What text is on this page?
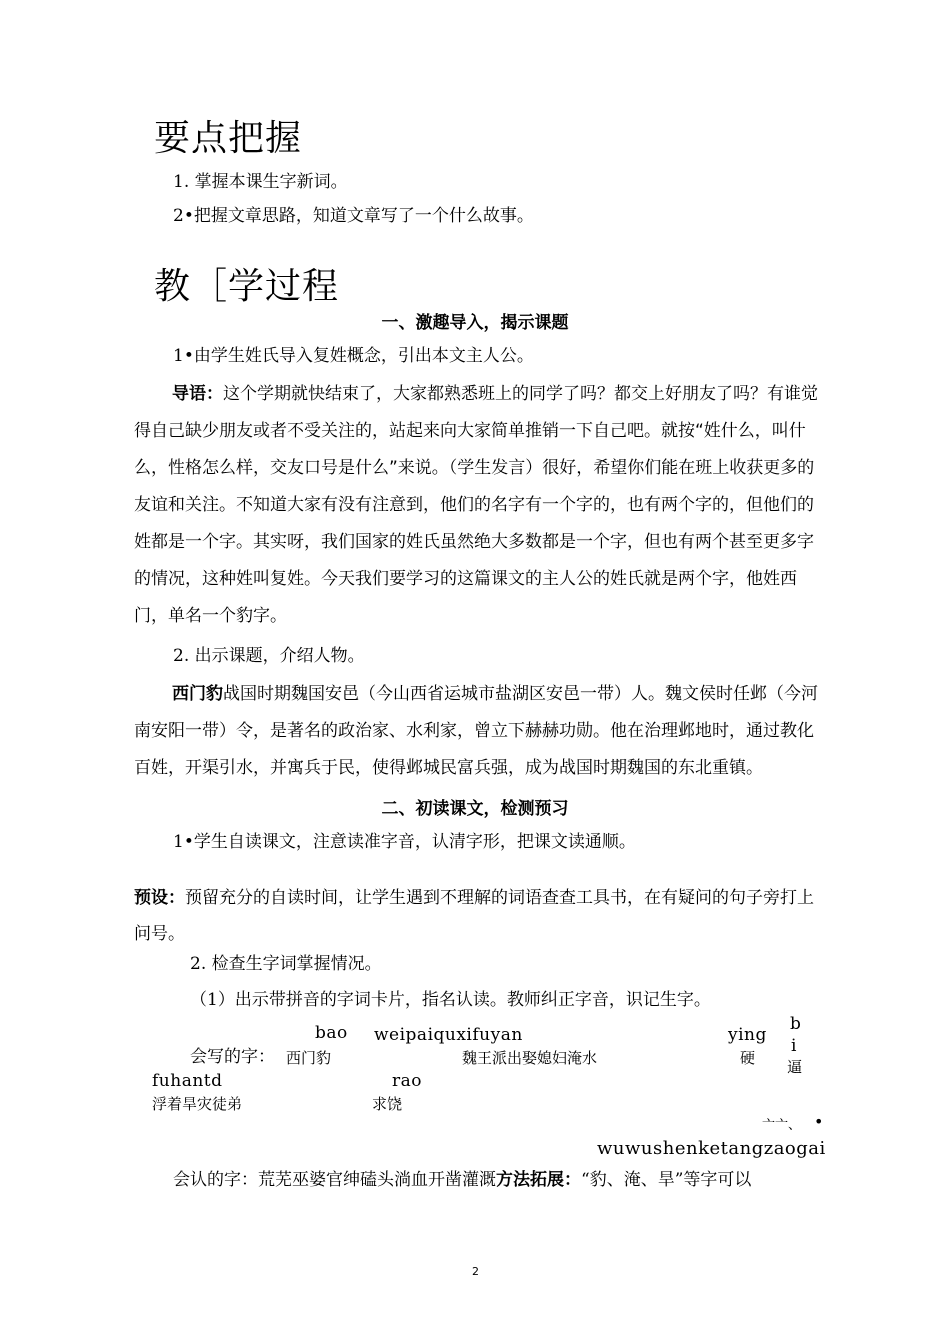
要点把握
1. 掌握本课生字新词。
2•把握文章思路，知道文章写了一个什么故事。
教［学过程
一、激趣导入，揭示课题
1•由学生姓氏导入复姓概念，引出本文主人公。
导语：这个学期就快结束了，大家都熟悉班上的同学了吗？都交上好朋友了吗？有谁觉得自己缺少朋友或者不受关注的，站起来向大家简单推销一下自己吧。就按“姓什么，叫什么，性格怎么样，交友口号是什么”来说。（学生发言）很好，希望你们能在班上收获更多的友谊和关注。不知道大家有没有注意到，他们的名字有一个字的，也有两个字的，但他们的姓都是一个字。其实呀，我们国家的姓氏虽然绝大多数都是一个字，但也有两个甚至更多字的情况，这种姓叫复姓。今天我们要学习的这篇课文的主人公的姓氏就是两个字，他姓西门，单名一个豹字。
2. 出示课题，介绍人物。
西门豹战国时期魏国安邑（今山西省运城市盐湖区安邑一带）人。魏文侯时任邺（今河南安阳一带）令，是著名的政治家、水利家，曾立下赫赫功勋。他在治理邺地时，通过教化百姓，开渠引水，并寓兵于民，使得邺城民富兵强，成为战国时期魏国的东北重镇。
二、初读课文，检测预习
1•学生自读课文，注意读准字音，认清字形，把课文读通顺。
预设：预留充分的自读时间，让学生遇到不理解的词语查查工具书，在有疑问的句子旁打上问号。
2. 检查生字词掌握情况。
（1）出示带拼音的字词卡片，指名认读。教师纠正字音，识记生字。
bao weipaiquxifuyan	ying
b
i
逼
会写的字： 西门豹	魏王派出娶媳妇淹水	硬
fuhantd	rao
浮着旱灾徒弟	求饶
亠亠、 •
wuwushenketangzaogai
会认的字：荒芜巫婆官绅磕头淌血开凿灌溉方法拓展：“豹、淹、旱”等字可以
2
